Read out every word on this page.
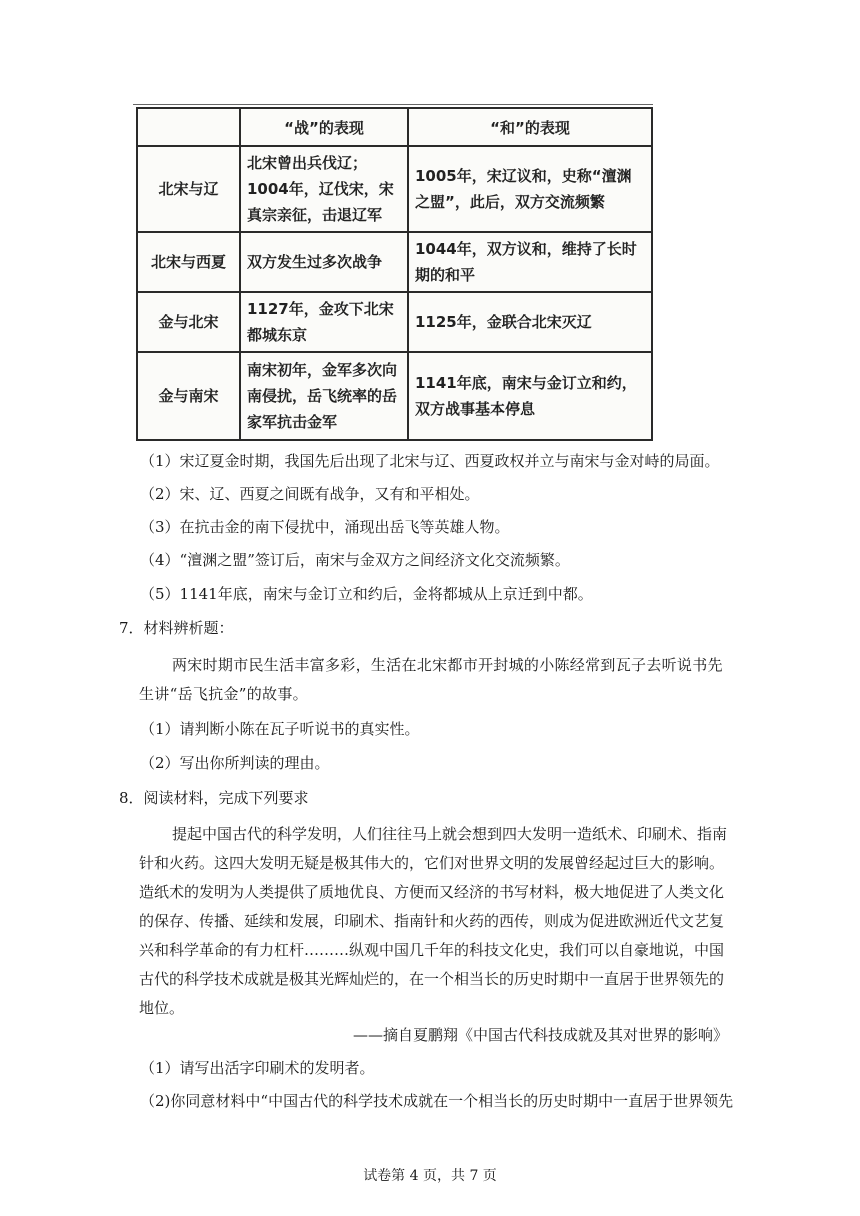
	“战”的表现	“和”的表现
北宋与辽	北宋曾出兵伐辽；1004年，辽伐宋，宋真宗亲征，击退辽军	1005年，宋辽议和，史称“澶渊之盟”，此后，双方交流频繁
北宋与西夏	双方发生过多次战争	1044年，双方议和，维持了长时期的和平
金与北宋	1127年，金攻下北宋都城东京	1125年，金联合北宋灭辽
金与南宋	南宋初年，金军多次向南侵扰，岳飞统率的岳家军抗击金军	1141年底，南宋与金订立和约，双方战事基本停息
（1）宋辽夏金时期，我国先后出现了北宋与辽、西夏政权并立与南宋与金对峙的局面。
（2）宋、辽、西夏之间既有战争，又有和平相处。
（3）在抗击金的南下侵扰中，涌现出岳飞等英雄人物。
（4）“澶渊之盟”签订后，南宋与金双方之间经济文化交流频繁。
（5）1141年底，南宋与金订立和约后，金将都城从上京迁到中都。
7．材料辨析题：
两宋时期市民生活丰富多彩，生活在北宋都市开封城的小陈经常到瓦子去听说书先生讲“岳飞抗金”的故事。
（1）请判断小陈在瓦子听说书的真实性。
（2）写出你所判读的理由。
8．阅读材料，完成下列要求
提起中国古代的科学发明，人们往往马上就会想到四大发明一造纸术、印刷术、指南针和火药。这四大发明无疑是极其伟大的，它们对世界文明的发展曾经起过巨大的影响。造纸术的发明为人类提供了质地优良、方便而又经济的书写材料，极大地促进了人类文化的保存、传播、延续和发展，印刷术、指南针和火药的西传，则成为促进欧洲近代文艺复兴和科学革命的有力杠杆………纵观中国几千年的科技文化史，我们可以自豪地说，中国古代的科学技术成就是极其光辉灿烂的，在一个相当长的历史时期中一直居于世界领先的地位。
——摘自夏鹏翔《中国古代科技成就及其对世界的影响》
（1）请写出活字印刷术的发明者。
（2)你同意材料中“中国古代的科学技术成就在一个相当长的历史时期中一直居于世界领先
试卷第 4 页，共 7 页
